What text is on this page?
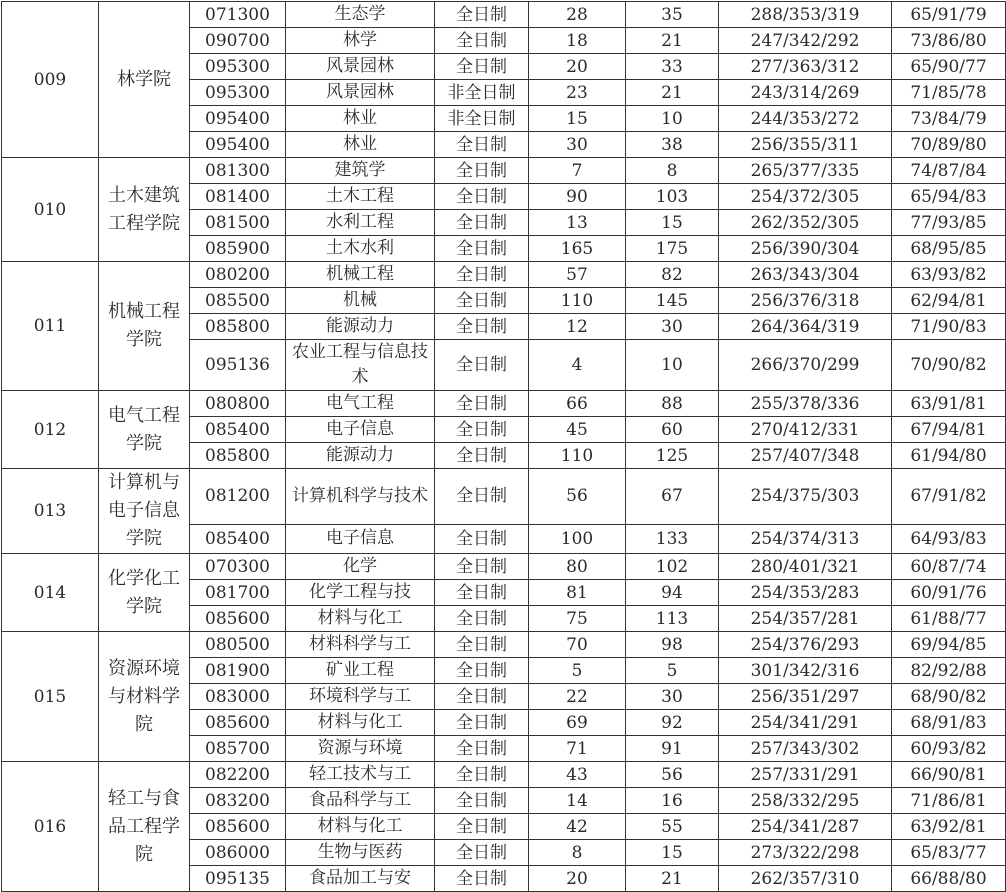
009	林学院	071300	生态学	全日制	28	35	288/353/319	65/91/79
		090700	林学	全日制	18	21	247/342/292	73/86/80
		095300	风景园林	全日制	20	33	277/363/312	65/90/77
		095300	风景园林	非全日制	23	21	243/314/269	71/85/78
		095400	林业	非全日制	15	10	244/353/272	73/84/79
		095400	林业	全日制	30	38	256/355/311	70/89/80
010	土木建筑工程学院	081300	建筑学	全日制	7	8	265/377/335	74/87/84
		081400	土木工程	全日制	90	103	254/372/305	65/94/83
		081500	水利工程	全日制	13	15	262/352/305	77/93/85
		085900	土木水利	全日制	165	175	256/390/304	68/95/85
011	机械工程学院	080200	机械工程	全日制	57	82	263/343/304	63/93/82
		085500	机械	全日制	110	145	256/376/318	62/94/81
		085800	能源动力	全日制	12	30	264/364/319	71/90/83
		095136	农业工程与信息技术	全日制	4	10	266/370/299	70/90/82
012	电气工程学院	080800	电气工程	全日制	66	88	255/378/336	63/91/81
		085400	电子信息	全日制	45	60	270/412/331	67/94/81
		085800	能源动力	全日制	110	125	257/407/348	61/94/80
013	计算机与电子信息学院	081200	计算机科学与技术	全日制	56	67	254/375/303	67/91/82
		085400	电子信息	全日制	100	133	254/374/313	64/93/83
014	化学化工学院	070300	化学	全日制	80	102	280/401/321	60/87/74
		081700	化学工程与技	全日制	81	94	254/353/283	60/91/76
		085600	材料与化工	全日制	75	113	254/357/281	61/88/77
015	资源环境与材料学院	080500	材料科学与工	全日制	70	98	254/376/293	69/94/85
		081900	矿业工程	全日制	5	5	301/342/316	82/92/88
		083000	环境科学与工	全日制	22	30	256/351/297	68/90/82
		085600	材料与化工	全日制	69	92	254/341/291	68/91/83
		085700	资源与环境	全日制	71	91	257/343/302	60/93/82
016	轻工与食品工程学院	082200	轻工技术与工	全日制	43	56	257/331/291	66/90/81
		083200	食品科学与工	全日制	14	16	258/332/295	71/86/81
		085600	材料与化工	全日制	42	55	254/341/287	63/92/81
		086000	生物与医药	全日制	8	15	273/322/298	65/83/77
		095135	食品加工与安	全日制	20	21	262/357/310	66/88/80
